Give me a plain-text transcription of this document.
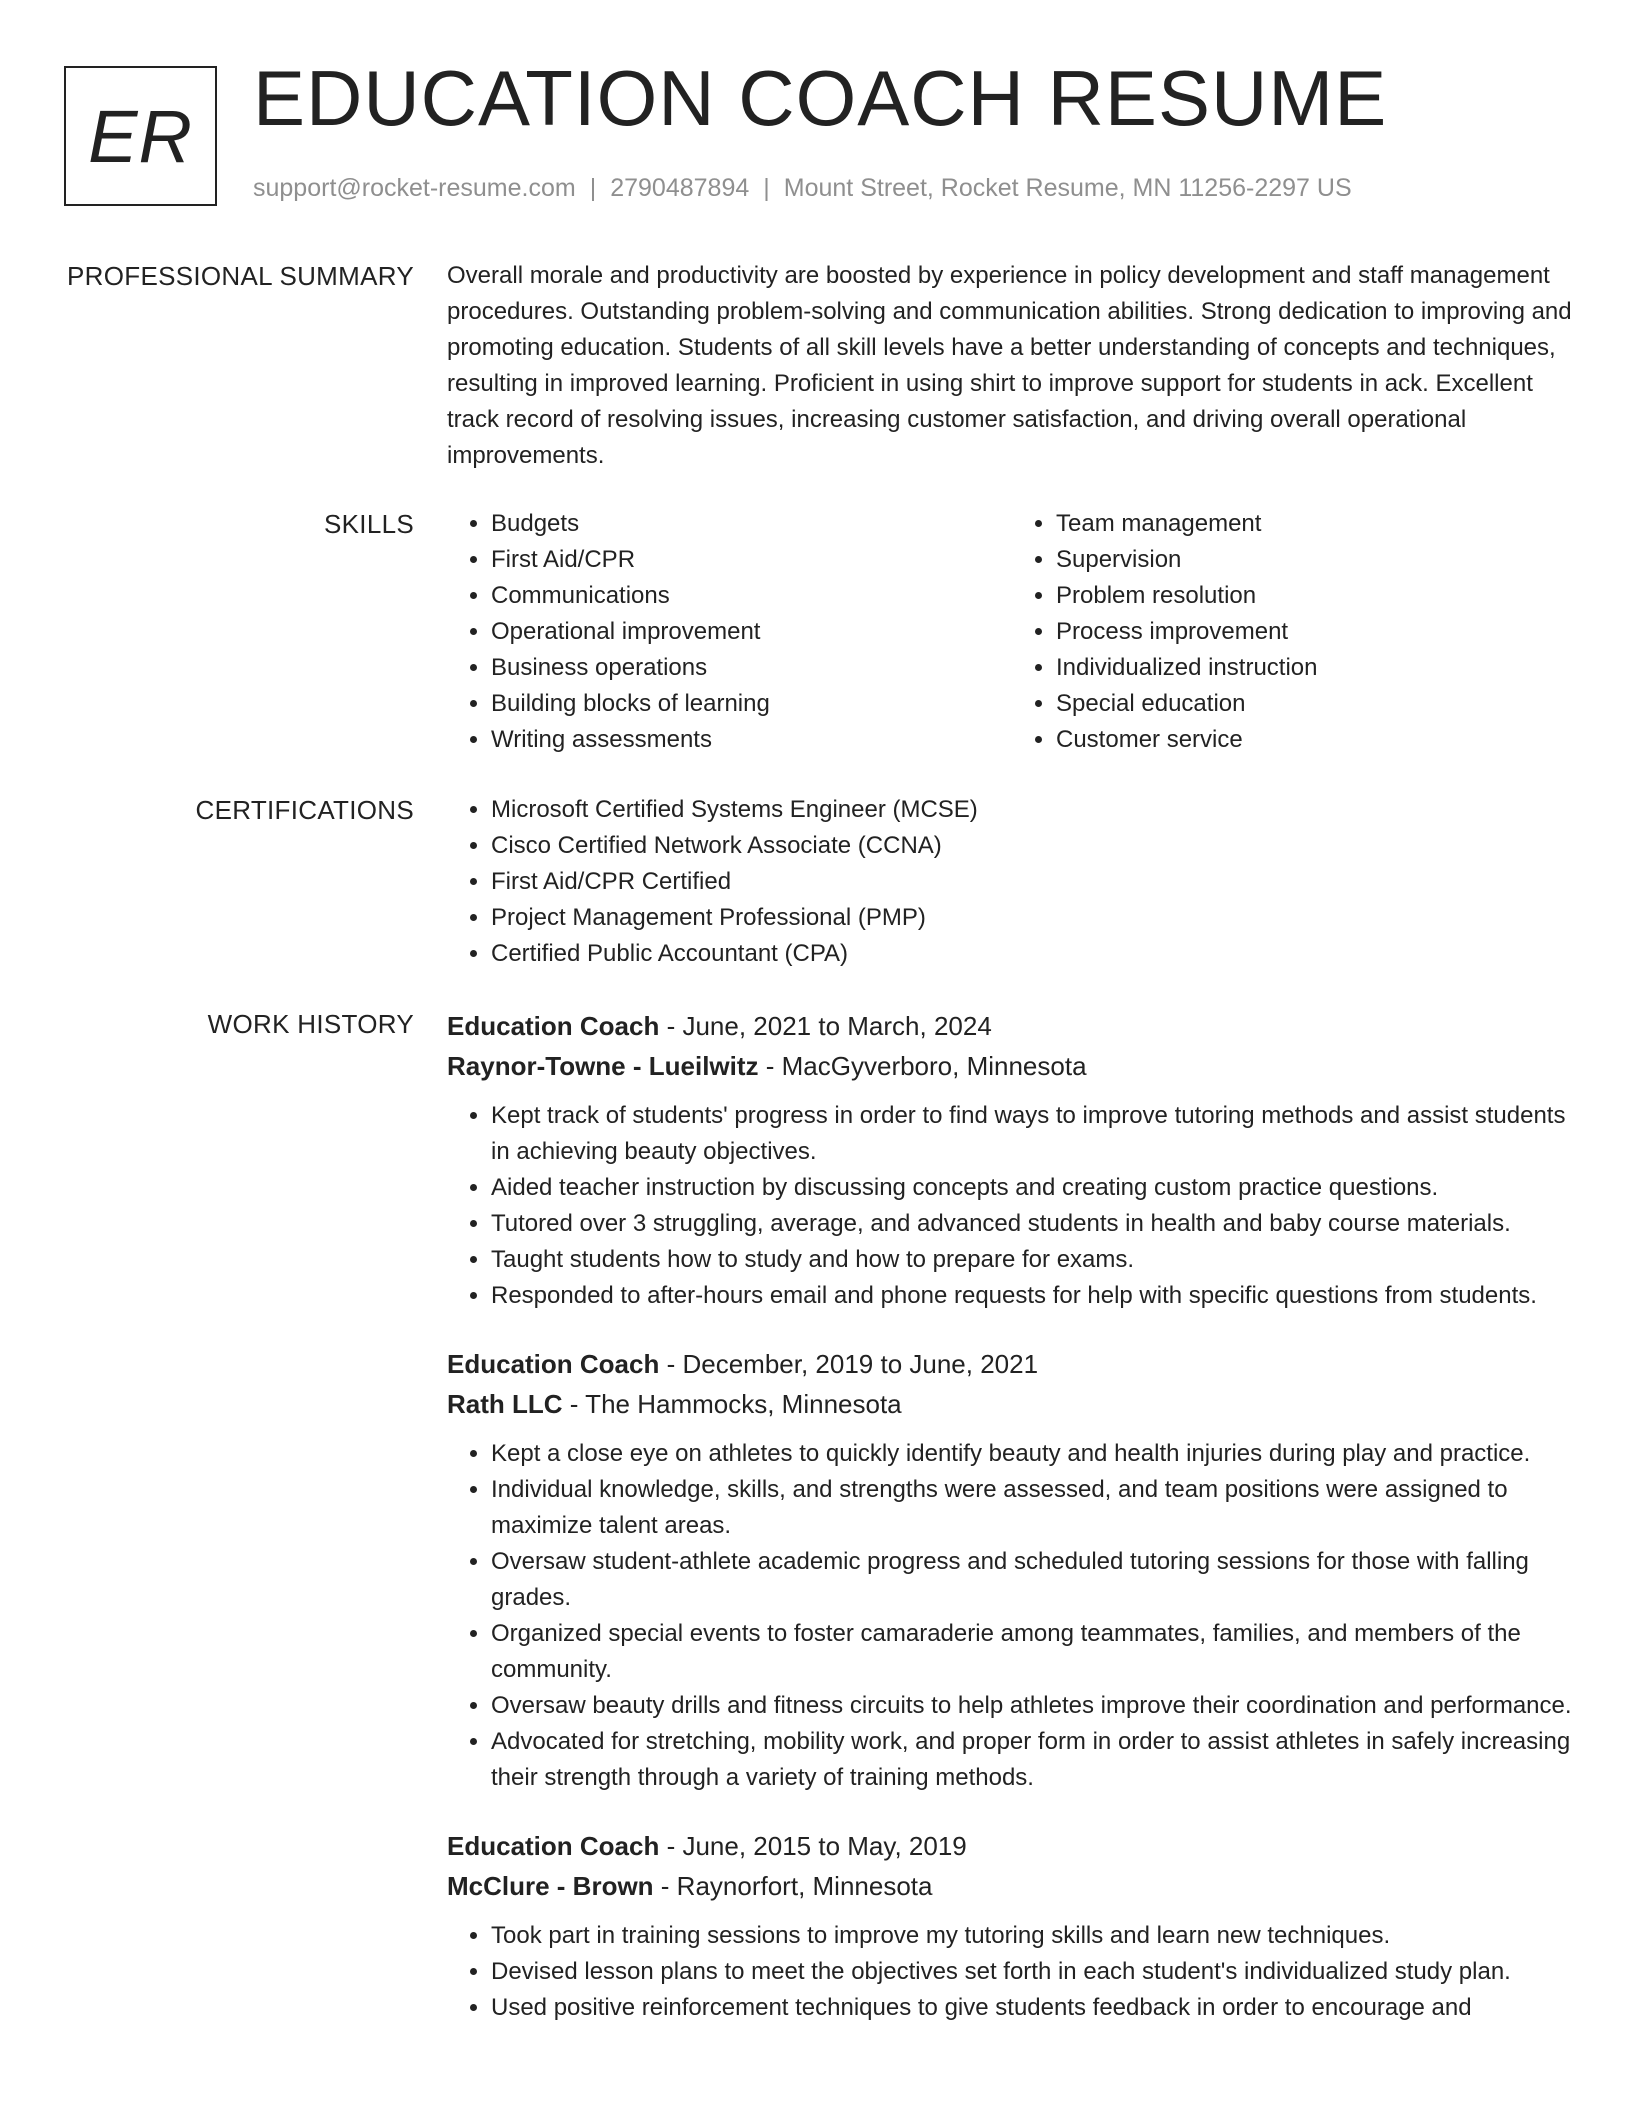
ER EDUCATION COACH RESUME
support@rocket-resume.com | 2790487894 | Mount Street, Rocket Resume, MN 11256-2297 US
PROFESSIONAL SUMMARY Overall morale and productivity are boosted by experience in policy development and staff management procedures. Outstanding problem-solving and communication abilities. Strong dedication to improving and promoting education. Students of all skill levels have a better understanding of concepts and techniques, resulting in improved learning. Proficient in using shirt to improve support for students in ack. Excellent track record of resolving issues, increasing customer satisfaction, and driving overall operational improvements.

SKILLS	• Budgets
• First Aid/CPR
• Communications
• Operational improvement
• Business operations
• Building blocks of learning
• Writing assessments
• Team management
• Supervision
• Problem resolution
• Process improvement
• Individualized instruction
• Special education
• Customer service
CERTIFICATIONS	• Microsoft Certified Systems Engineer (MCSE)
• Cisco Certified Network Associate (CCNA)
• First Aid/CPR Certified
• Project Management Professional (PMP)
• Certified Public Accountant (CPA)
WORK HISTORY Education Coach - June, 2021 to March, 2024
Raynor-Towne - Lueilwitz - MacGyverboro, Minnesota
• Kept track of students' progress in order to find ways to improve tutoring methods and assist students in achieving beauty objectives.
• Aided teacher instruction by discussing concepts and creating custom practice questions.
• Tutored over 3 struggling, average, and advanced students in health and baby course materials.
• Taught students how to study and how to prepare for exams.
• Responded to after-hours email and phone requests for help with specific questions from students.
Education Coach - December, 2019 to June, 2021
Rath LLC - The Hammocks, Minnesota
• Kept a close eye on athletes to quickly identify beauty and health injuries during play and practice.
• Individual knowledge, skills, and strengths were assessed, and team positions were assigned to maximize talent areas.
• Oversaw student-athlete academic progress and scheduled tutoring sessions for those with falling grades.
• Organized special events to foster camaraderie among teammates, families, and members of the community.
• Oversaw beauty drills and fitness circuits to help athletes improve their coordination and performance.
• Advocated for stretching, mobility work, and proper form in order to assist athletes in safely increasing their strength through a variety of training methods.
Education Coach - June, 2015 to May, 2019
McClure - Brown - Raynorfort, Minnesota
• Took part in training sessions to improve my tutoring skills and learn new techniques.
• Devised lesson plans to meet the objectives set forth in each student's individualized study plan.
• Used positive reinforcement techniques to give students feedback in order to encourage and
